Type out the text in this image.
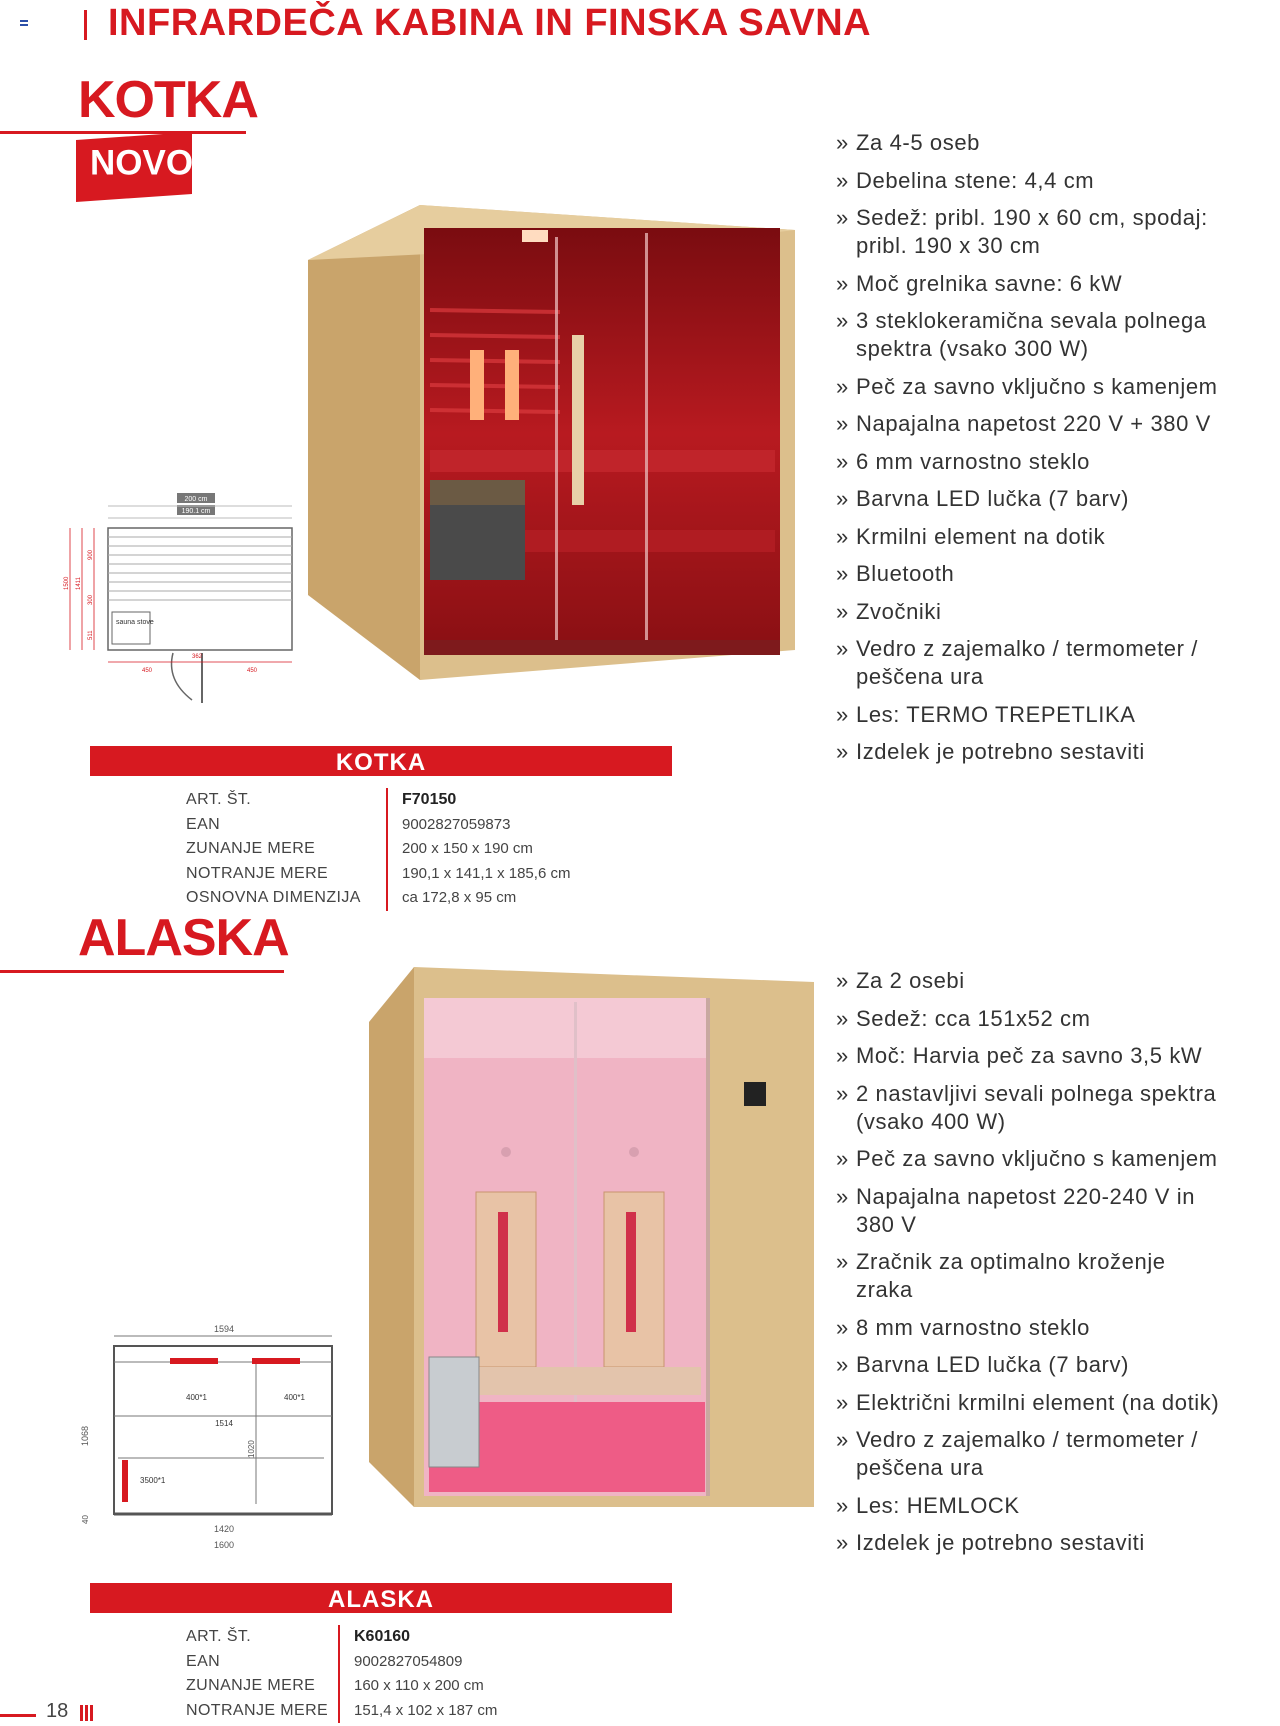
INFRARDEČA KABINA IN FINSKA SAVNA
KOTKA
NOVO
200 cm
190.1 cm
sauna stove
1500 1411
900
300
511
450
362
450
» Za 4-5 oseb
» Debelina stene: 4,4 cm
» Sedež: pribl. 190 x 60 cm, spodaj: pribl. 190 x 30 cm
» Moč grelnika savne: 6 kW
» 3 steklokeramična sevala polnega spektra (vsako 300 W)
» Peč za savno vključno s kamenjem
» Napajalna napetost 220 V + 380 V
» 6 mm varnostno steklo
» Barvna LED lučka (7 barv)
» Krmilni element na dotik
» Bluetooth
» Zvočniki
» Vedro z zajemalko / termometer / peščena ura
» Les: TERMO TREPETLIKA
» Izdelek je potrebno sestaviti
KOTKA
ART. ŠT.	F70150
EAN	9002827059873
ZUNANJE MERE	200 x 150 x 190 cm
NOTRANJE MERE	190,1 x 141,1 x 185,6 cm
OSNOVNA DIMENZIJA	ca 172,8 x 95 cm
ALASKA
1594
400*1	400*1
1514
3500*1
1068
1020
40
1420
1600
» Za 2 osebi
» Sedež: cca 151x52 cm
» Moč: Harvia peč za savno 3,5 kW
» 2 nastavljivi sevali polnega spektra (vsako 400 W)
» Peč za savno vključno s kamenjem
» Napajalna napetost 220-240 V in 380 V
» Zračnik za optimalno kroženje zraka
» 8 mm varnostno steklo
» Barvna LED lučka (7 barv)
» Električni krmilni element (na dotik)
» Vedro z zajemalko / termometer / peščena ura
» Les: HEMLOCK
» Izdelek je potrebno sestaviti
ALASKA
ART. ŠT.	K60160
EAN	9002827054809
ZUNANJE MERE	160 x 110 x 200 cm
NOTRANJE MERE	151,4 x 102 x 187 cm
18
